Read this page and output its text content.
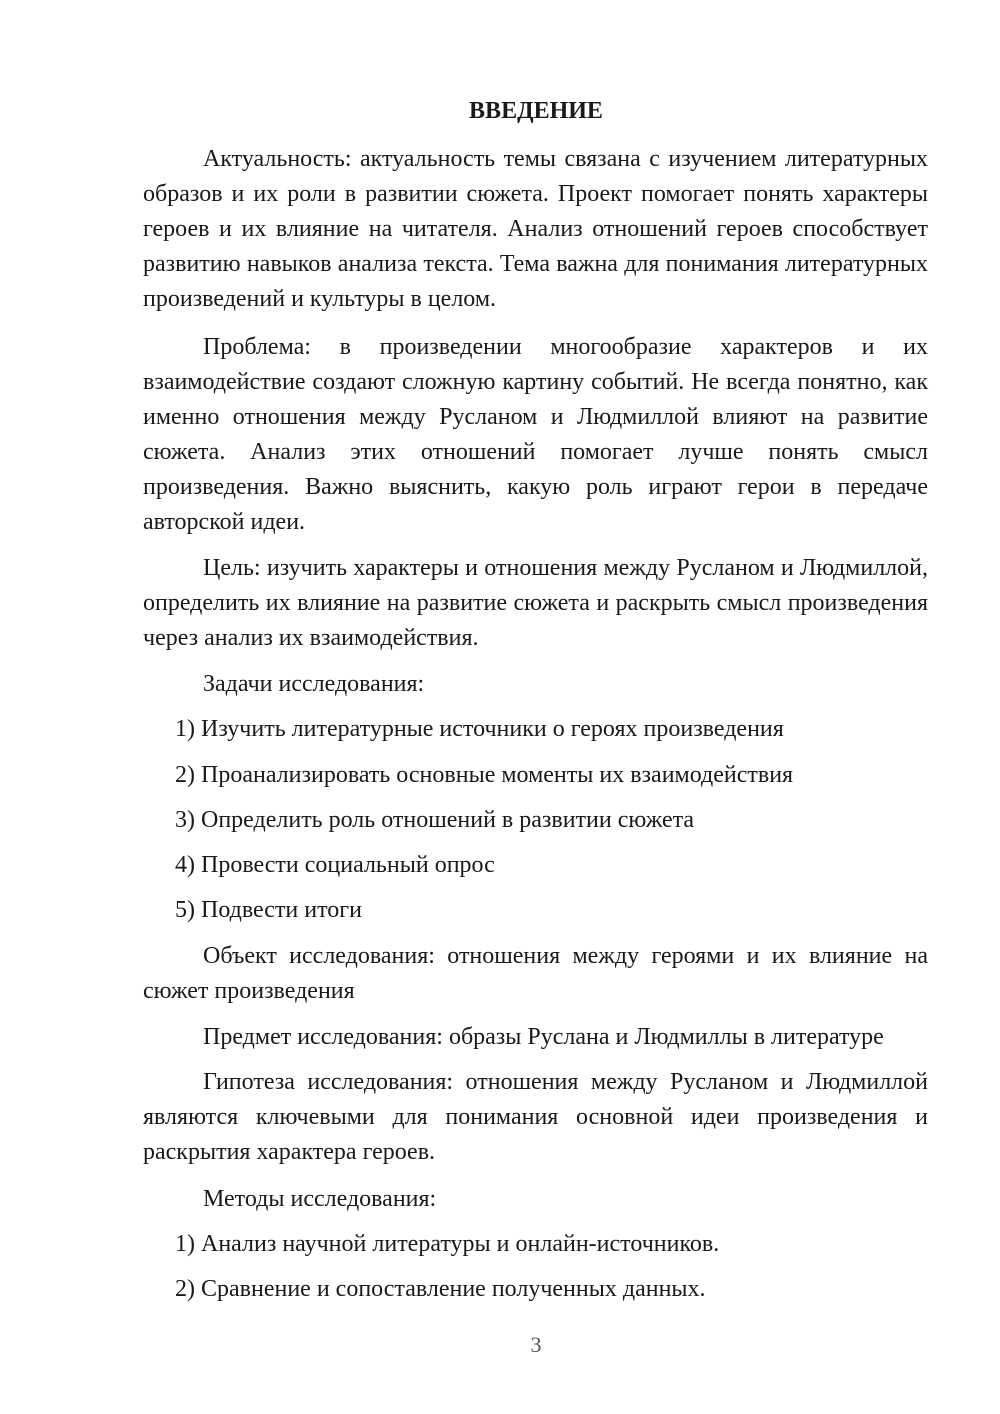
ВВЕДЕНИЕ

Актуальность: актуальность темы связана с изучением литературных образов и их роли в развитии сюжета. Проект помогает понять характеры героев и их влияние на читателя. Анализ отношений героев способствует развитию навыков анализа текста. Тема важна для понимания литературных произведений и культуры в целом.

Проблема: в произведении многообразие характеров и их взаимодействие создают сложную картину событий. Не всегда понятно, как именно отношения между Русланом и Людмиллой влияют на развитие сюжета. Анализ этих отношений помогает лучше понять смысл произведения. Важно выяснить, какую роль играют герои в передаче авторской идеи.

Цель: изучить характеры и отношения между Русланом и Людмиллой, определить их влияние на развитие сюжета и раскрыть смысл произведения через анализ их взаимодействия.

Задачи исследования:

1) Изучить литературные источники о героях произведения

2) Проанализировать основные моменты их взаимодействия

3) Определить роль отношений в развитии сюжета

4) Провести социальный опрос

5) Подвести итоги

Объект исследования: отношения между героями и их влияние на сюжет произведения

Предмет исследования: образы Руслана и Людмиллы в литературе

Гипотеза исследования: отношения между Русланом и Людмиллой являются ключевыми для понимания основной идеи произведения и раскрытия характера героев.

Методы исследования:

1) Анализ научной литературы и онлайн-источников.

2) Сравнение и сопоставление полученных данных.

3
